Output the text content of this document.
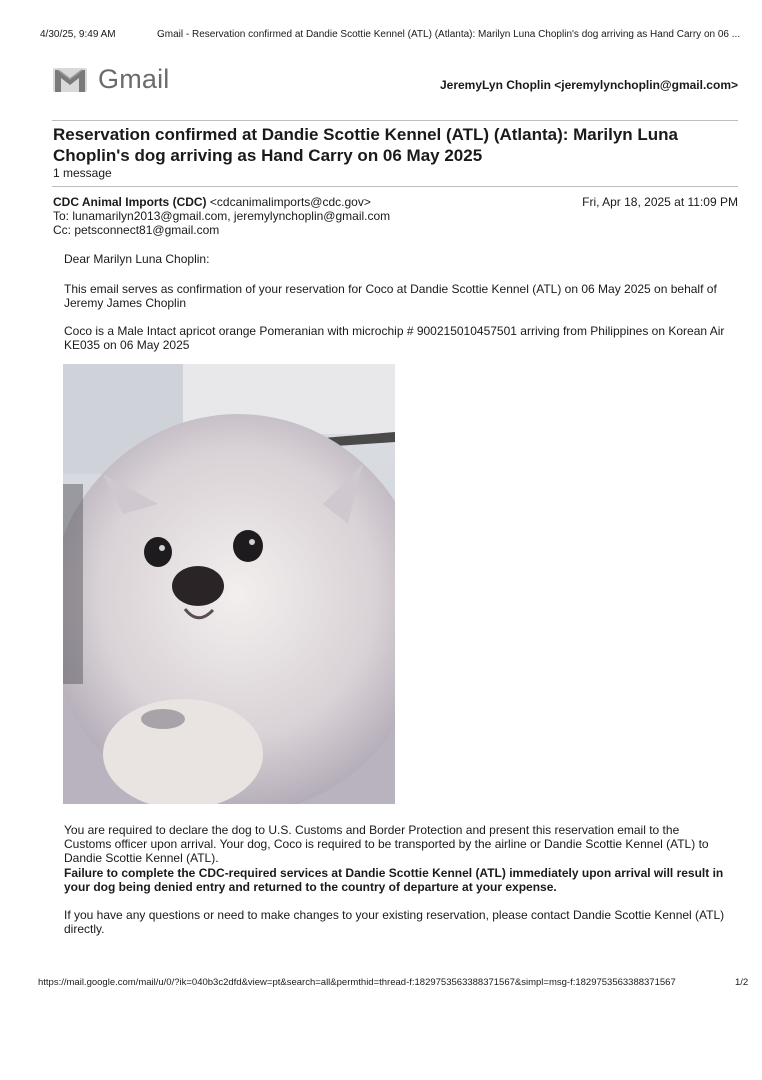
4/30/25, 9:49 AM	Gmail - Reservation confirmed at Dandie Scottie Kennel (ATL) (Atlanta): Marilyn Luna Choplin's dog arriving as Hand Carry on 06 ...
Gmail	JeremyLyn Choplin <jeremylynchoplin@gmail.com>
Reservation confirmed at Dandie Scottie Kennel (ATL) (Atlanta): Marilyn Luna Choplin's dog arriving as Hand Carry on 06 May 2025
1 message
CDC Animal Imports (CDC) <cdcanimalimports@cdc.gov>	Fri, Apr 18, 2025 at 11:09 PM
To: lunamarilyn2013@gmail.com, jeremylynchoplin@gmail.com
Cc: petsconnect81@gmail.com
Dear Marilyn Luna Choplin:
This email serves as confirmation of your reservation for Coco at Dandie Scottie Kennel (ATL) on 06 May 2025 on behalf of Jeremy James Choplin
Coco is a Male Intact apricot orange Pomeranian with microchip # 900215010457501 arriving from Philippines on Korean Air KE035 on 06 May 2025
You are required to declare the dog to U.S. Customs and Border Protection and present this reservation email to the Customs officer upon arrival. Your dog, Coco is required to be transported by the airline or Dandie Scottie Kennel (ATL) to Dandie Scottie Kennel (ATL).
Failure to complete the CDC-required services at Dandie Scottie Kennel (ATL) immediately upon arrival will result in your dog being denied entry and returned to the country of departure at your expense.
If you have any questions or need to make changes to your existing reservation, please contact Dandie Scottie Kennel (ATL) directly.
https://mail.google.com/mail/u/0/?ik=040b3c2dfd&view=pt&search=all&permthid=thread-f:1829753563388371567&simpl=msg-f:1829753563388371567	1/2
